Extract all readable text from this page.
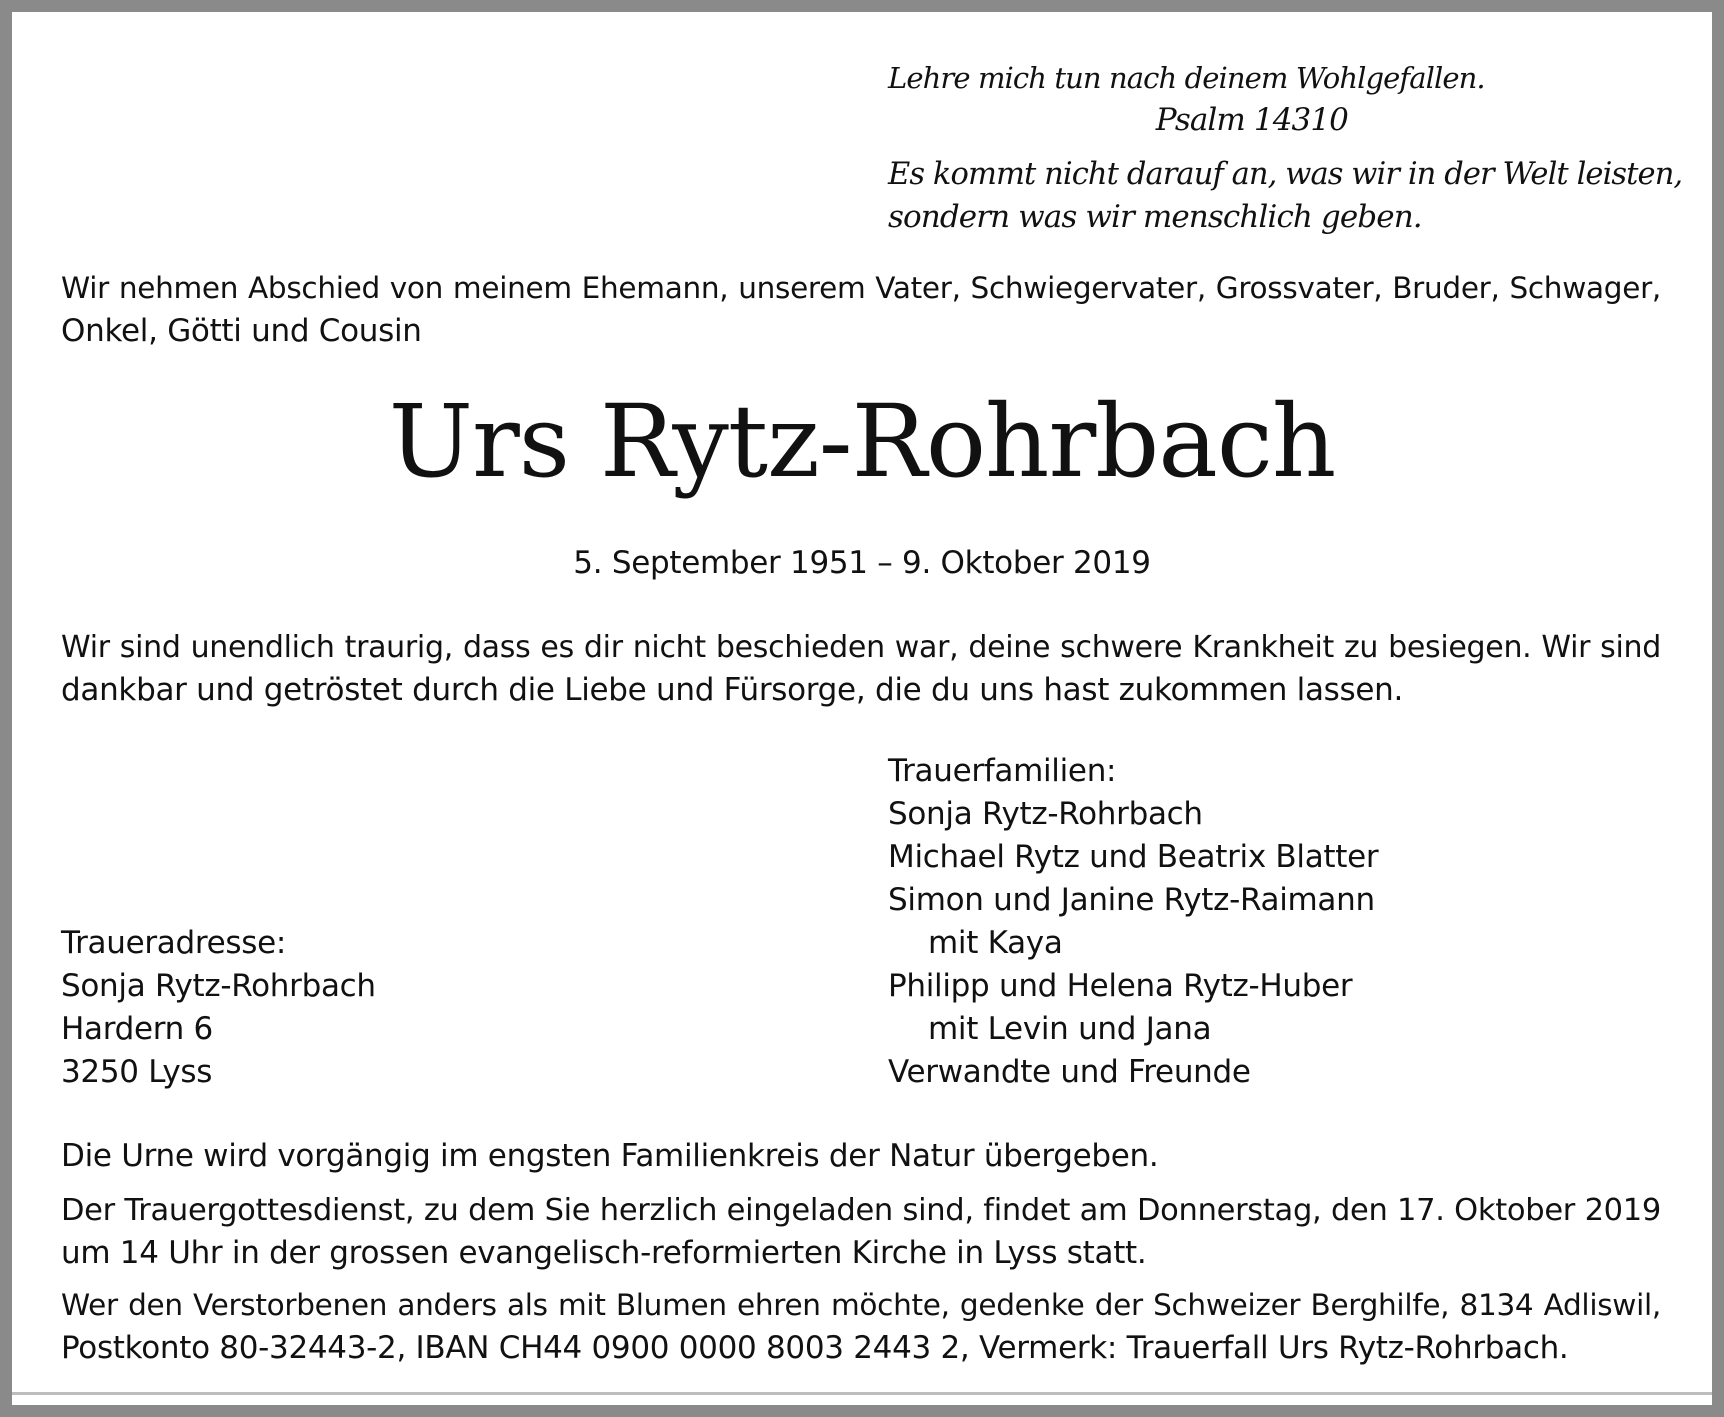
Lehre mich tun nach deinem Wohlgefallen.
Psalm 14310
Es kommt nicht darauf an, was wir in der Welt leisten,
sondern was wir menschlich geben.
Wir nehmen Abschied von meinem Ehemann, unserem Vater, Schwiegervater, Grossvater, Bruder, Schwager,
Onkel, Götti und Cousin
Urs Rytz-Rohrbach
5. September 1951 – 9. Oktober 2019
Wir sind unendlich traurig, dass es dir nicht beschieden war, deine schwere Krankheit zu besiegen. Wir sind
dankbar und getröstet durch die Liebe und Fürsorge, die du uns hast zukommen lassen.
Trauerfamilien:
Sonja Rytz-Rohrbach
Michael Rytz und Beatrix Blatter
Simon und Janine Rytz-Raimann
mit Kaya
Philipp und Helena Rytz-Huber
mit Levin und Jana
Verwandte und Freunde
Traueradresse:
Sonja Rytz-Rohrbach
Hardern 6
3250 Lyss
Die Urne wird vorgängig im engsten Familienkreis der Natur übergeben.
Der Trauergottesdienst, zu dem Sie herzlich eingeladen sind, findet am Donnerstag, den 17. Oktober 2019
um 14 Uhr in der grossen evangelisch-reformierten Kirche in Lyss statt.
Wer den Verstorbenen anders als mit Blumen ehren möchte, gedenke der Schweizer Berghilfe, 8134 Adliswil,
Postkonto 80-32443-2, IBAN CH44 0900 0000 8003 2443 2, Vermerk: Trauerfall Urs Rytz-Rohrbach.
